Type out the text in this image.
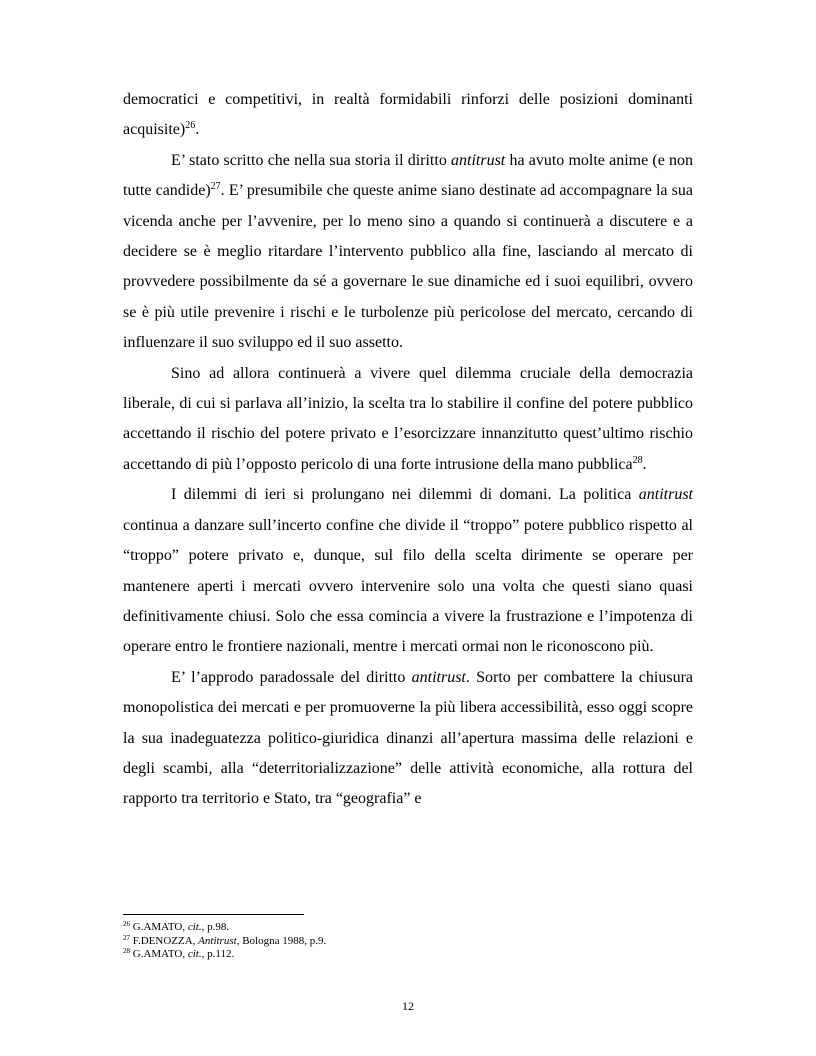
democratici e competitivi, in realtà formidabili rinforzi delle posizioni dominanti acquisite)$^{26}$.

E’ stato scritto che nella sua storia il diritto antitrust ha avuto molte anime (e non tutte candide)$^{27}$. E’ presumibile che queste anime siano destinate ad accompagnare la sua vicenda anche per l’avvenire, per lo meno sino a quando si continuerà a discutere e a decidere se è meglio ritardare l’intervento pubblico alla fine, lasciando al mercato di provvedere possibilmente da sé a governare le sue dinamiche ed i suoi equilibri, ovvero se è più utile prevenire i rischi e le turbolenze più pericolose del mercato, cercando di influenzare il suo sviluppo ed il suo assetto.

Sino ad allora continuerà a vivere quel dilemma cruciale della democrazia liberale, di cui si parlava all’inizio, la scelta tra lo stabilire il confine del potere pubblico accettando il rischio del potere privato e l’esorcizzare innanzitutto quest’ultimo rischio accettando di più l’opposto pericolo di una forte intrusione della mano pubblica$^{28}$.

I dilemmi di ieri si prolungano nei dilemmi di domani. La politica antitrust continua a danzare sull’incerto confine che divide il “troppo” potere pubblico rispetto al “troppo” potere privato e, dunque, sul filo della scelta dirimente se operare per mantenere aperti i mercati ovvero intervenire solo una volta che questi siano quasi definitivamente chiusi. Solo che essa comincia a vivere la frustrazione e l’impotenza di operare entro le frontiere nazionali, mentre i mercati ormai non le riconoscono più.

E’ l’approdo paradossale del diritto antitrust. Sorto per combattere la chiusura monopolistica dei mercati e per promuoverne la più libera accessibilità, esso oggi scopre la sua inadeguatezza politico-giuridica dinanzi all’apertura massima delle relazioni e degli scambi, alla “deterritorializzazione” delle attività economiche, alla rottura del rapporto tra territorio e Stato, tra “geografia” e

$^{26}$ G.AMATO, cit., p.98.

$^{27}$ F.DENOZZA, Antitrust, Bologna 1988, p.9.

$^{28}$ G.AMATO, cit., p.112.

12
